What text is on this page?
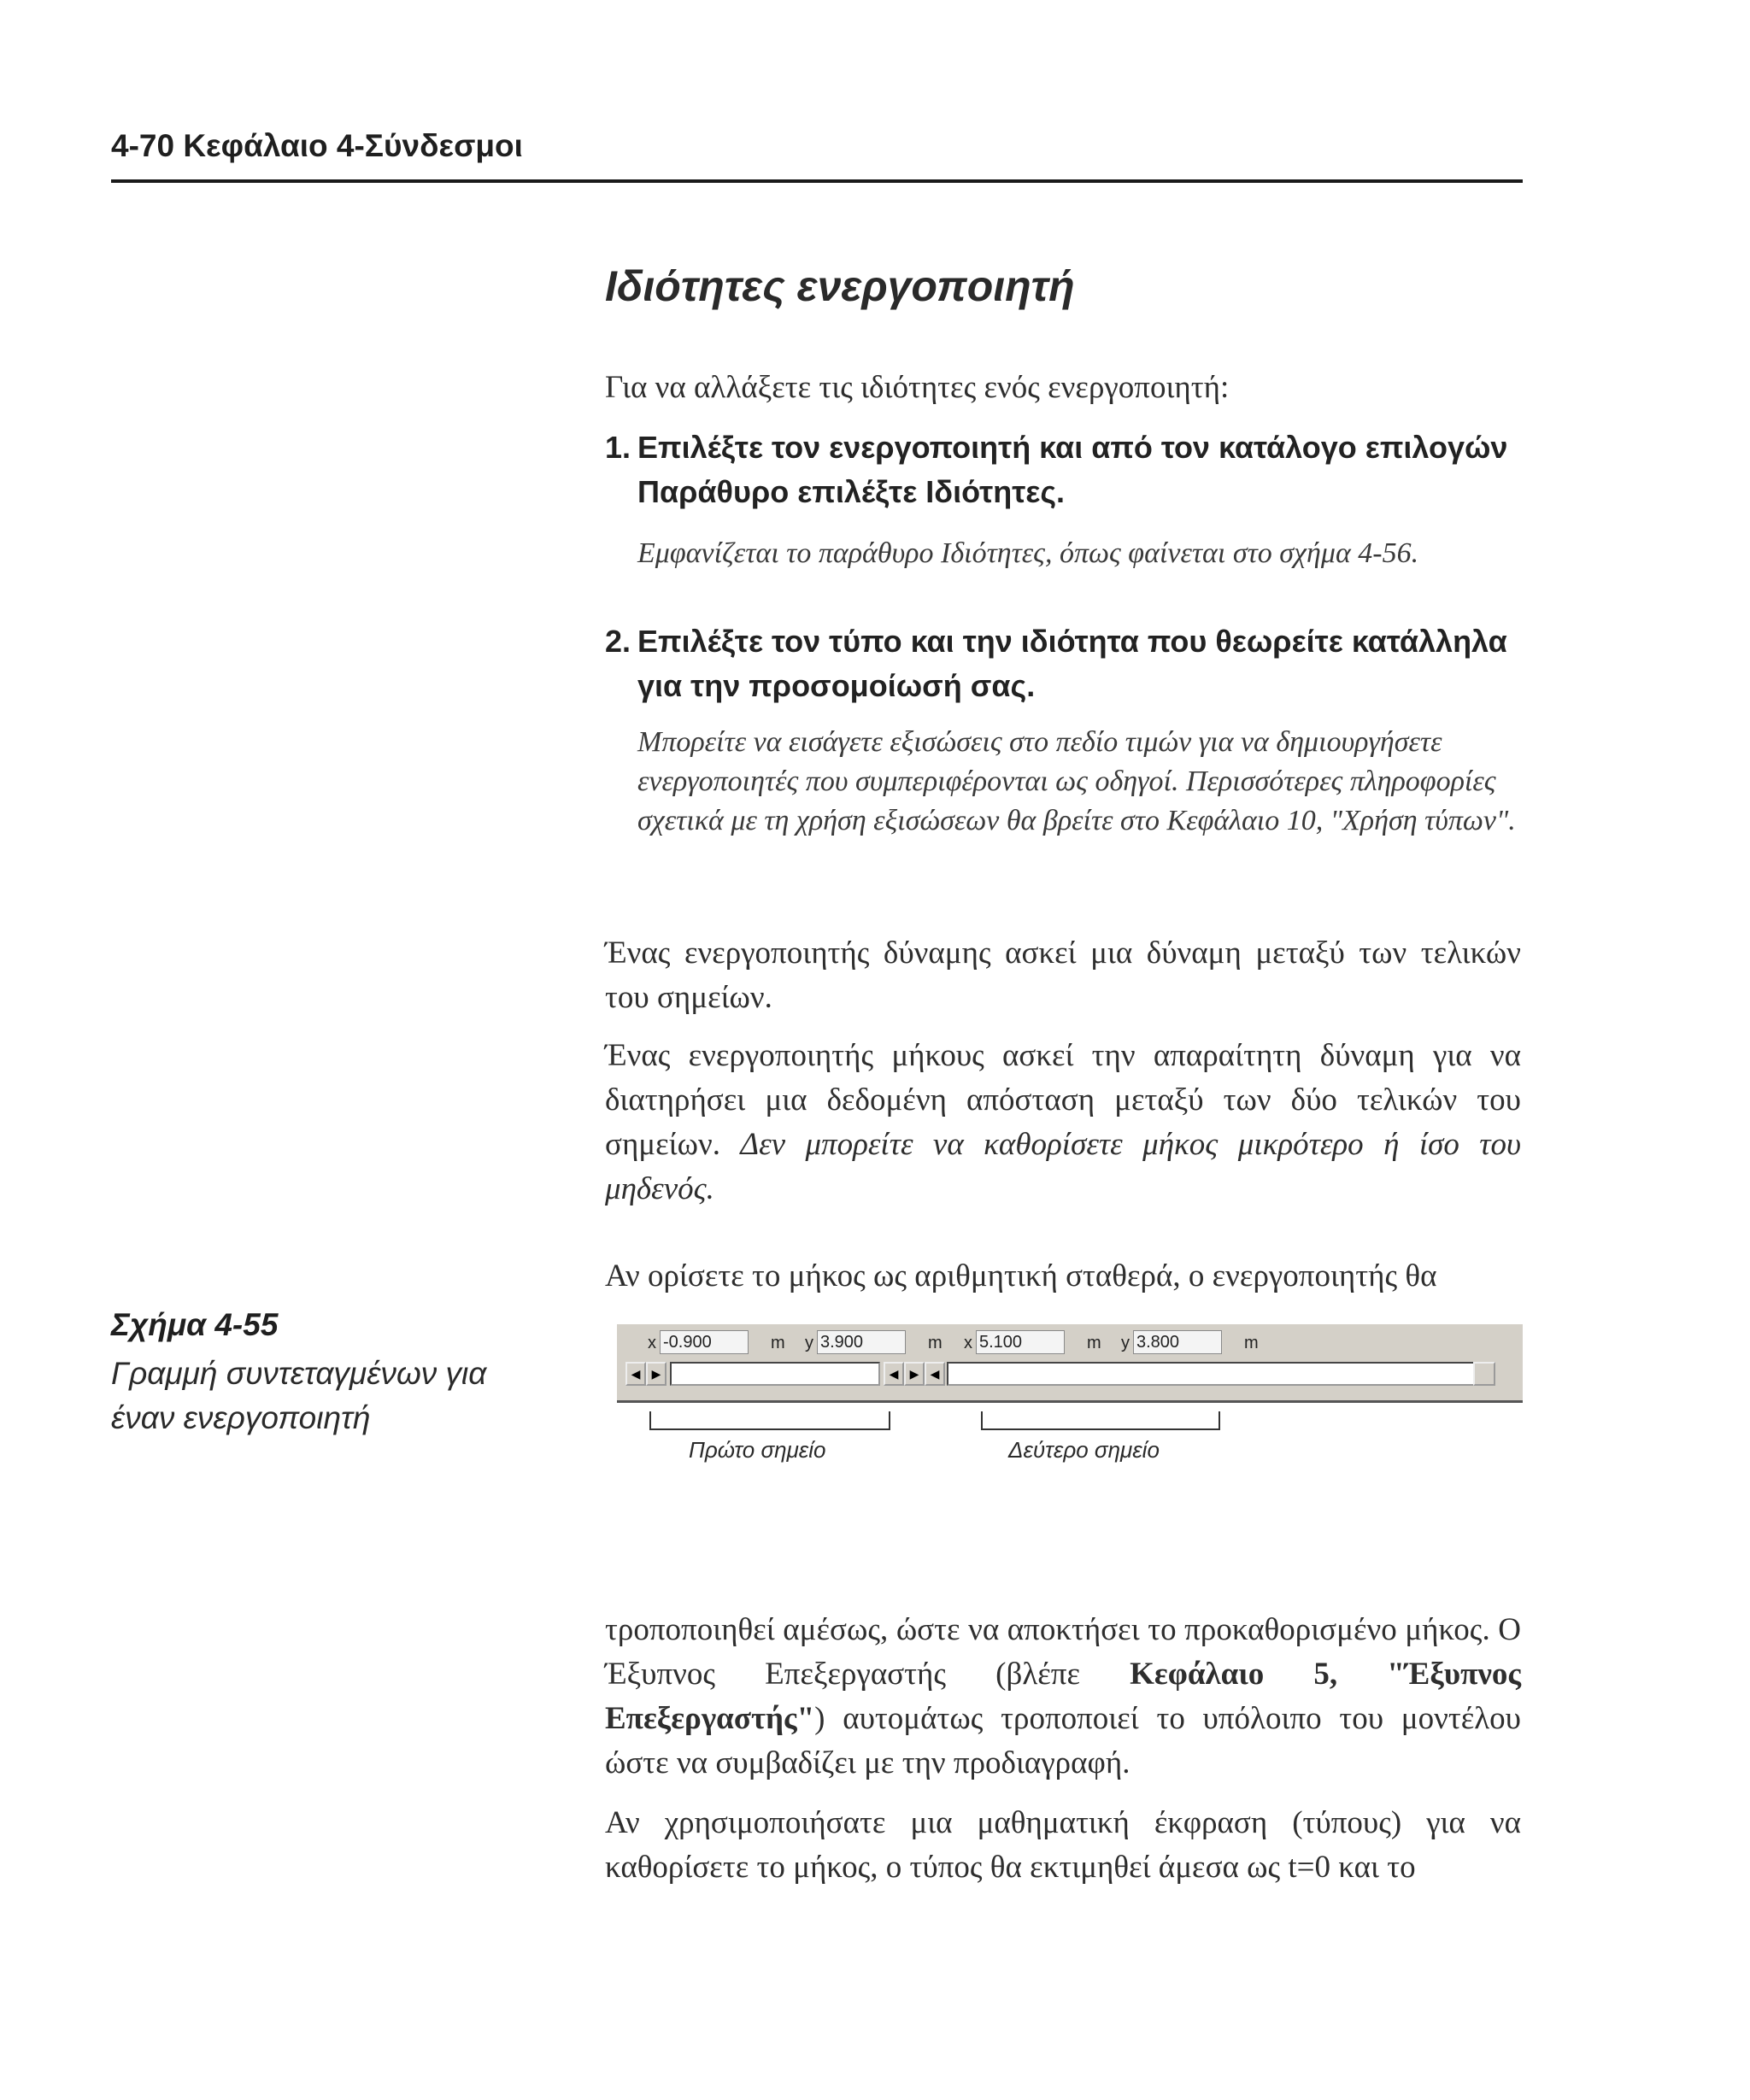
4-70 Κεφάλαιο 4-Σύνδεσμοι
Ιδιότητες ενεργοποιητή
Για να αλλάξετε τις ιδιότητες ενός ενεργοποιητή:
1. Επιλέξτε τον ενεργοποιητή και από τον κατάλογο επιλογών Παράθυρο επιλέξτε Ιδιότητες.
Εμφανίζεται το παράθυρο Ιδιότητες, όπως φαίνεται στο σχήμα 4-56.
2. Επιλέξτε τον τύπο και την ιδιότητα που θεωρείτε κατάλληλα για την προσομοίωσή σας.
Μπορείτε να εισάγετε εξισώσεις στο πεδίο τιμών για να δημιουργήσετε ενεργοποιητές που συμπεριφέρονται ως οδηγοί. Περισσότερες πληροφορίες σχετικά με τη χρήση εξισώσεων θα βρείτε στο Κεφάλαιο 10, "Χρήση τύπων".
Ένας ενεργοποιητής δύναμης ασκεί μια δύναμη μεταξύ των τελικών του σημείων.
Ένας ενεργοποιητής μήκους ασκεί την απαραίτητη δύναμη για να διατηρήσει μια δεδομένη απόσταση μεταξύ των δύο τελικών του σημείων. Δεν μπορείτε να καθορίσετε μήκος μικρότερο ή ίσο του μηδενός.
Αν ορίσετε το μήκος ως αριθμητική σταθερά, ο ενεργοποιητής θα
Σχήμα 4-55
Γραμμή συντεταγμένων για έναν ενεργοποιητή
x -0.900	m y 3.900	m x 5.100	m y 3.800	m
◀ ▶	◀ ▶ ◀
Πρώτο σημείο	Δεύτερο σημείο
τροποποιηθεί αμέσως, ώστε να αποκτήσει το προκαθορισμένο μήκος. Ο Έξυπνος Επεξεργαστής (βλέπε Κεφάλαιο 5, "Έξυπνος Επεξεργαστής") αυτομάτως τροποποιεί το υπόλοιπο του μοντέλου ώστε να συμβαδίζει με την προδιαγραφή.
Αν χρησιμοποιήσατε μια μαθηματική έκφραση (τύπους) για να καθορίσετε το μήκος, ο τύπος θα εκτιμηθεί άμεσα ως t=0 και το
